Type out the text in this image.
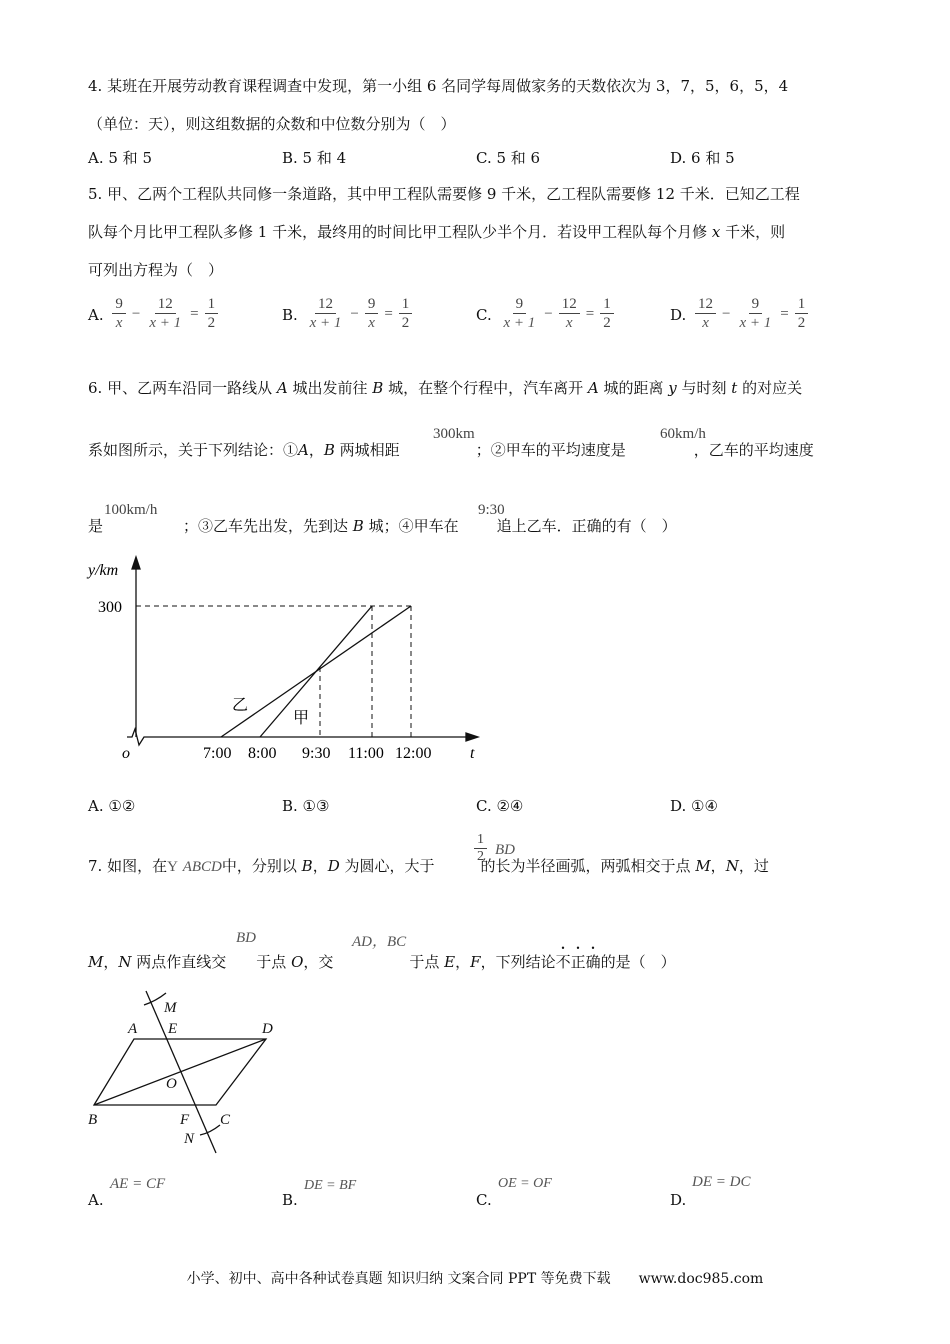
4. 某班在开展劳动教育课程调查中发现，第一小组 6 名同学每周做家务的天数依次为 3，7，5，6，5，4
（单位：天），则这组数据的众数和中位数分别为（　）
A. 5 和 5	B. 5 和 4	C. 5 和 6	D. 6 和 5
5. 甲、乙两个工程队共同修一条道路，其中甲工程队需要修 9 千米，乙工程队需要修 12 千米．已知乙工程
队每个月比甲工程队多修 1 千米，最终用的时间比甲工程队少半个月．若设甲工程队每个月修 x 千米，则
可列出方程为（　）
A. $\frac{9}{x} - \frac{12}{x + 1} = \frac{1}{2}$	B. $\frac{12}{x + 1} - \frac{9}{x} = \frac{1}{2}$	C. $\frac{9}{x + 1} - \frac{12}{x} = \frac{1}{2}$	D. $\frac{12}{x} - \frac{9}{x + 1} = \frac{1}{2}$
6. 甲、乙两车沿同一路线从 A 城出发前往 B 城，在整个行程中，汽车离开 A 城的距离 y 与时刻 t 的对应关
系如图所示，关于下列结论：①A，B 两城相距	；②甲车的平均速度是	，乙车的平均速度
300km	60km/h
是	；③乙车先出发，先到达 B 城；④甲车在	追上乙车．正确的有（　）
100km/h	9:30
y/km
300
o	t
7:00 8:00 9:30 11:00 12:00
乙
甲
A. ①②	B. ①③	C. ②④	D. ①④
7. 如图，在Y ABCD中，分别以 B，D 为圆心，大于	的长为半径画弧，两弧相交于点 M，N，过
$\frac{1}{2}$ BD
M，N 两点作直线交 于点 O，交	于点 E，F，下列结论不正确的是（　）
BD	AD，BC
M
N
A E	D
O
B	F C
A.
AE = CF
B.
DE = BF
C.
OE = OF
D.
DE = DC
小学、初中、高中各种试卷真题 知识归纳 文案合同 PPT 等免费下载　　www.doc985.com
